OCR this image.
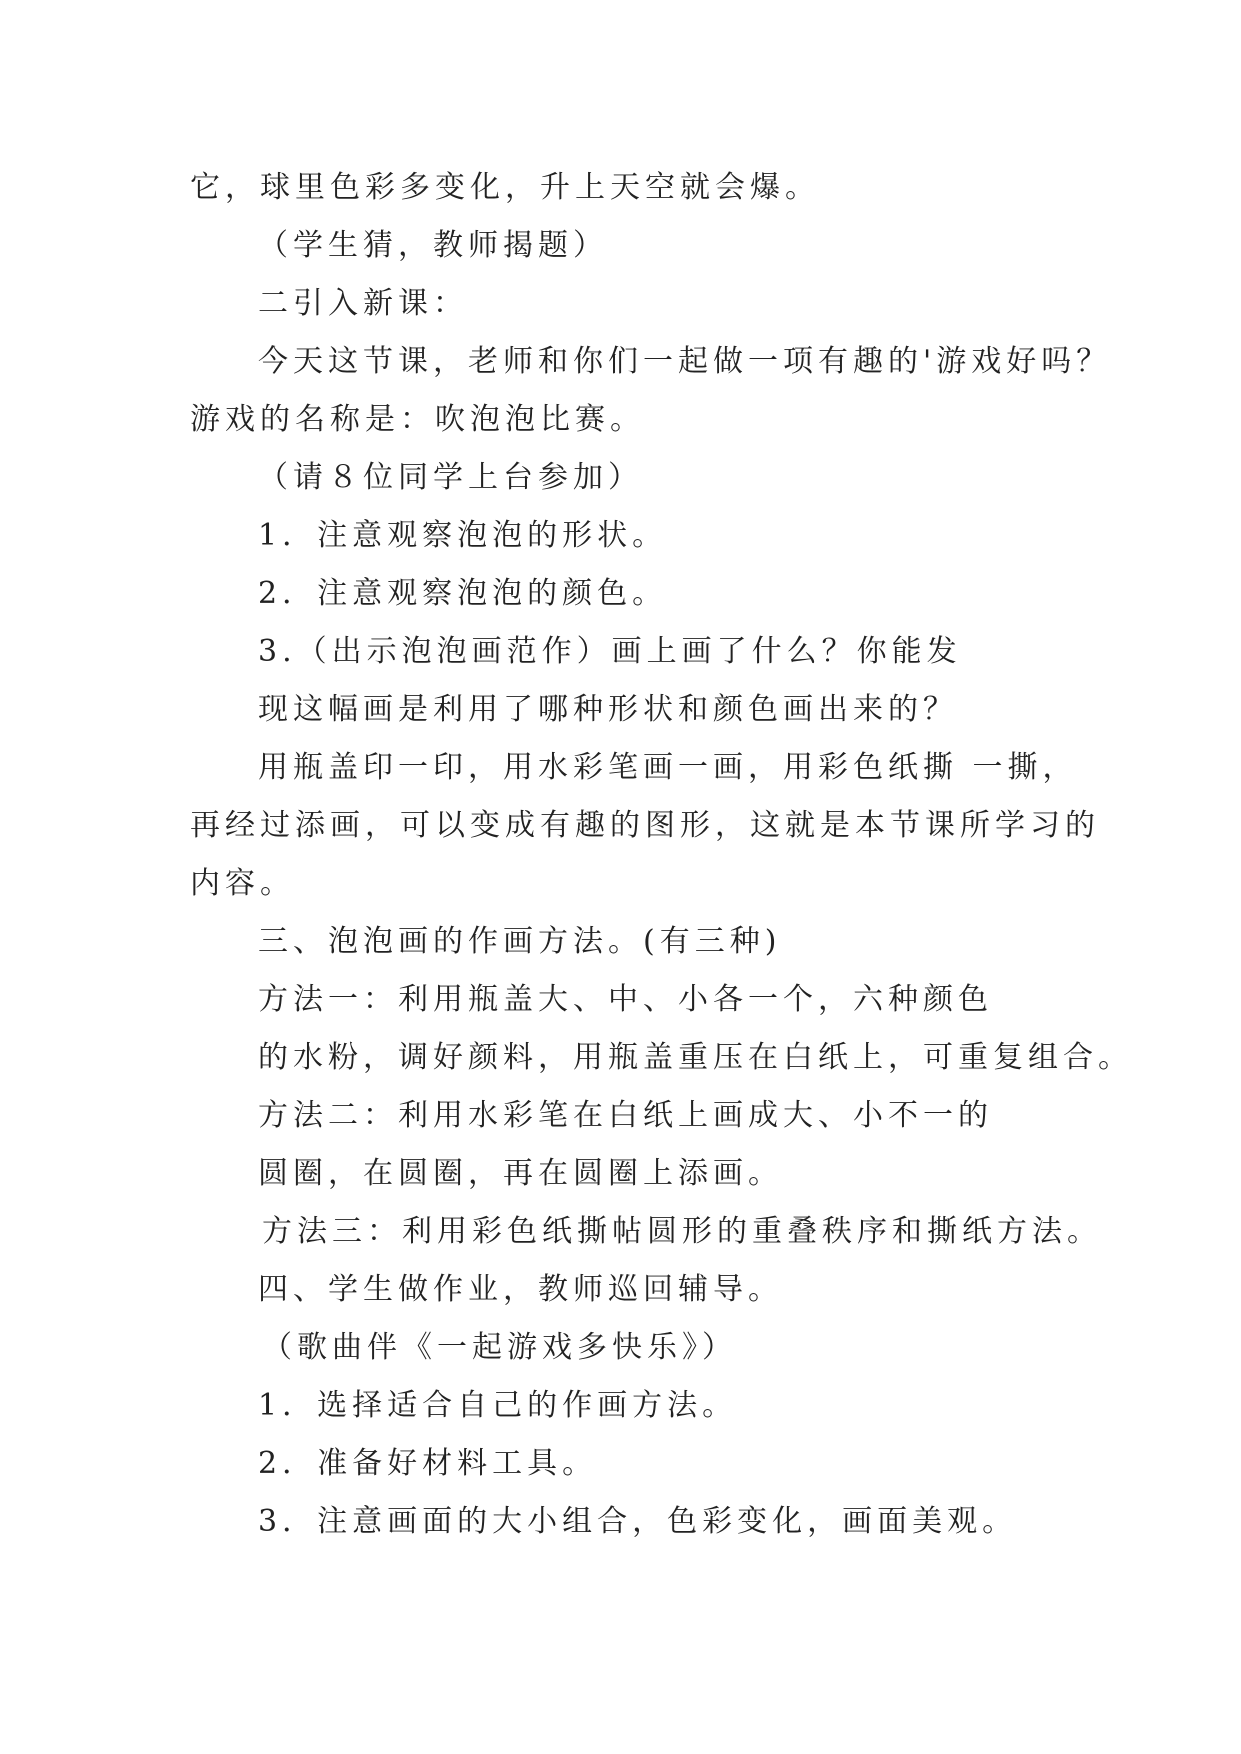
它，球里色彩多变化，升上天空就会爆。
（学生猜，教师揭题）
二引入新课：
今天这节课，老师和你们一起做一项有趣的'游戏好吗？
游戏的名称是：吹泡泡比赛。
（请８位同学上台参加）
1．注意观察泡泡的形状。
2．注意观察泡泡的颜色。
3.（出示泡泡画范作）画上画了什么？你能发
现这幅画是利用了哪种形状和颜色画出来的？
用瓶盖印一印，用水彩笔画一画，用彩色纸撕 一撕，
再经过添画，可以变成有趣的图形，这就是本节课所学习的
内容。
三、泡泡画的作画方法。(有三种)
方法一：利用瓶盖大、中、小各一个，六种颜色
的水粉，调好颜料，用瓶盖重压在白纸上，可重复组合。
方法二：利用水彩笔在白纸上画成大、小不一的
圆圈，在圆圈，再在圆圈上添画。
方法三：利用彩色纸撕帖圆形的重叠秩序和撕纸方法。
四、学生做作业，教师巡回辅导。
（歌曲伴《一起游戏多快乐》）
1．选择适合自己的作画方法。
2．准备好材料工具。
3．注意画面的大小组合，色彩变化，画面美观。
